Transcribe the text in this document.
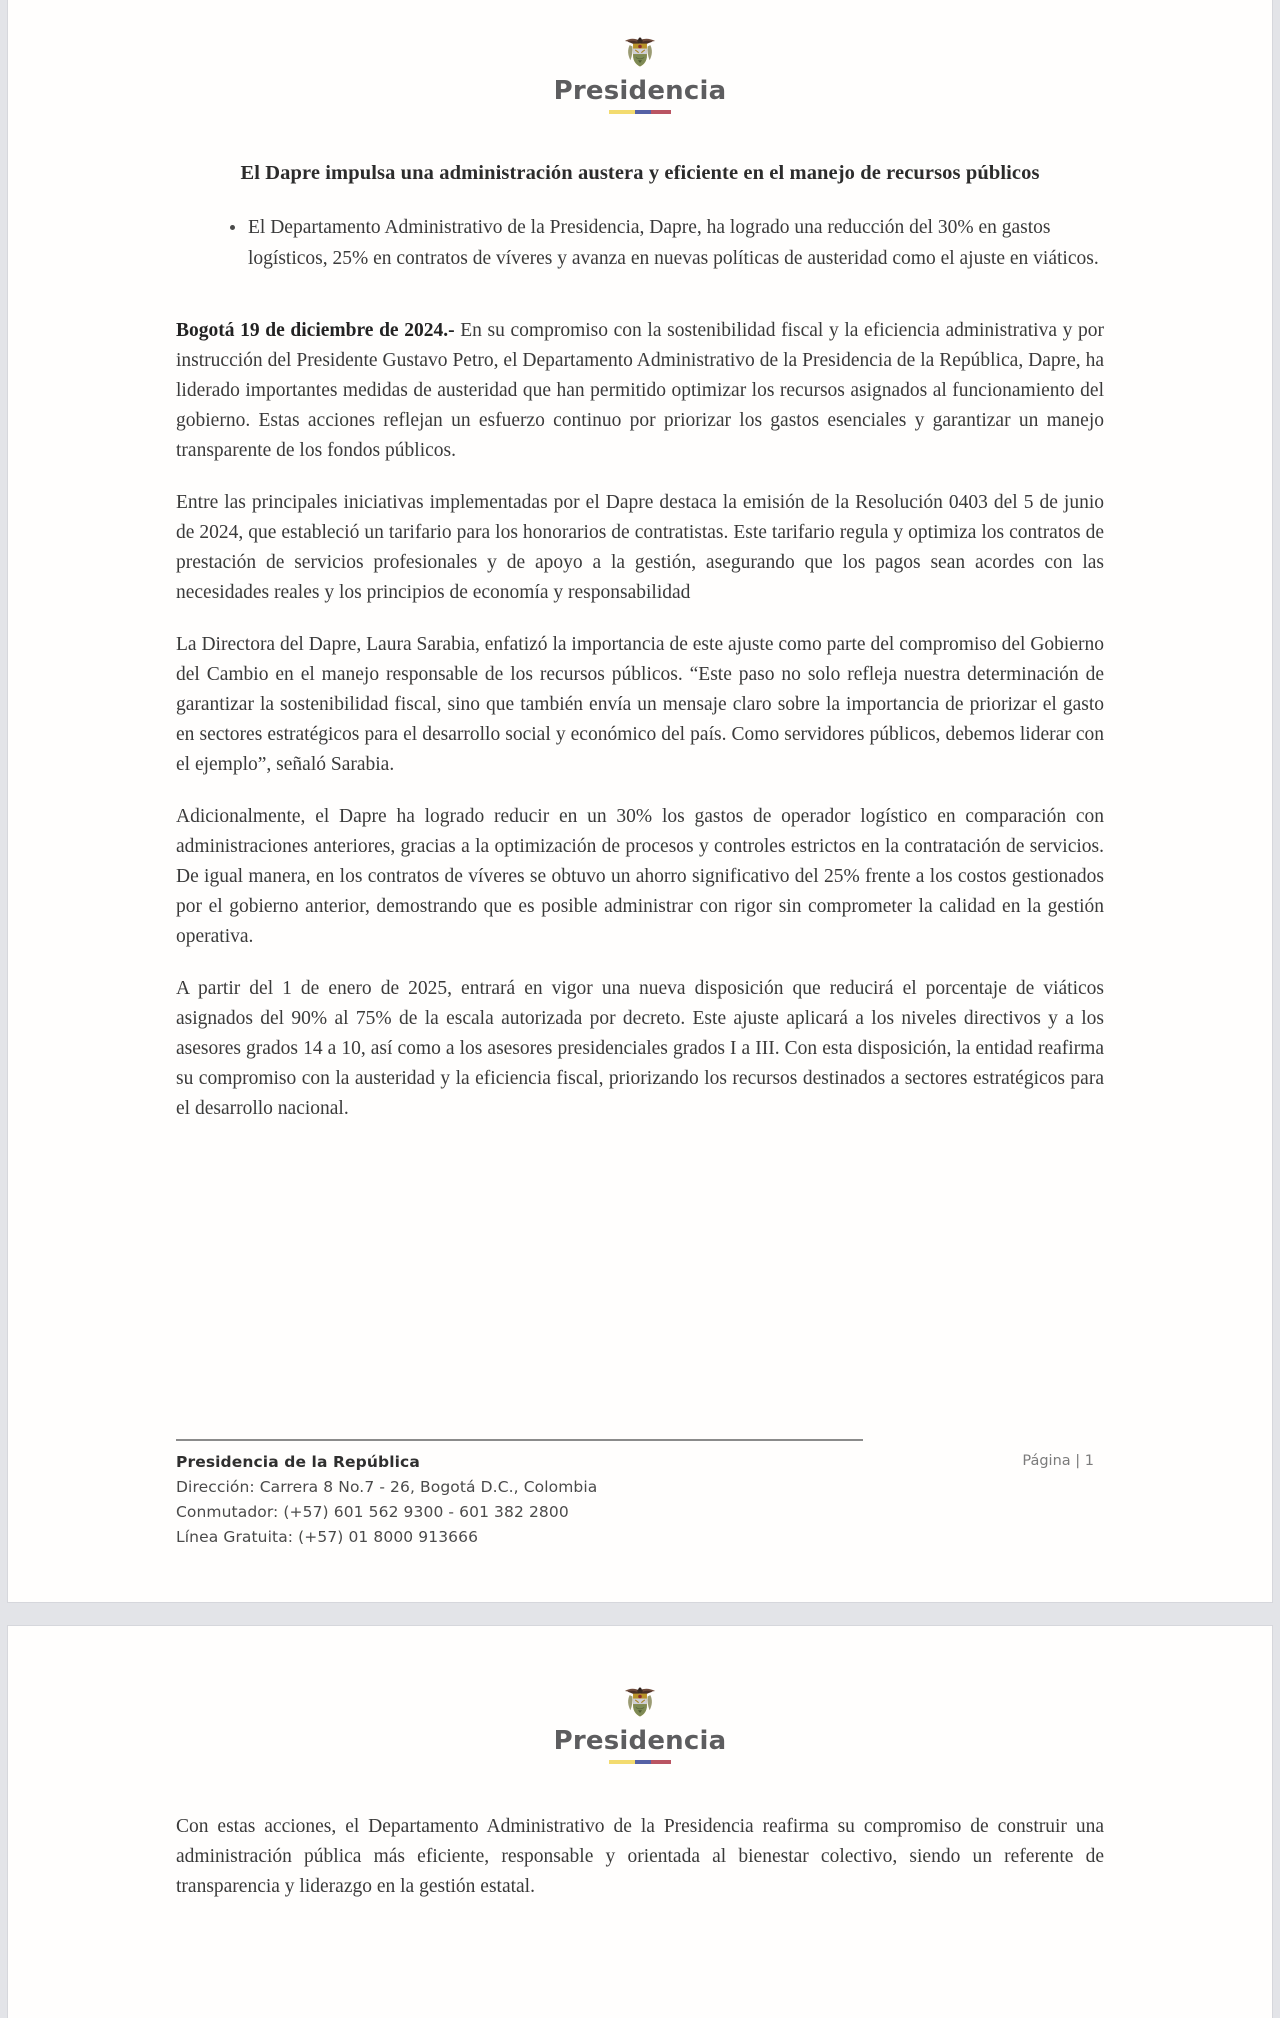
Presidencia
El Dapre impulsa una administración austera y eficiente en el manejo de recursos públicos
El Departamento Administrativo de la Presidencia, Dapre, ha logrado una reducción del 30% en gastos logísticos, 25% en contratos de víveres y avanza en nuevas políticas de austeridad como el ajuste en viáticos.

Bogotá 19 de diciembre de 2024.- En su compromiso con la sostenibilidad fiscal y la eficiencia administrativa y por instrucción del Presidente Gustavo Petro, el Departamento Administrativo de la Presidencia de la República, Dapre, ha liderado importantes medidas de austeridad que han permitido optimizar los recursos asignados al funcionamiento del gobierno. Estas acciones reflejan un esfuerzo continuo por priorizar los gastos esenciales y garantizar un manejo transparente de los fondos públicos.

Entre las principales iniciativas implementadas por el Dapre destaca la emisión de la Resolución 0403 del 5 de junio de 2024, que estableció un tarifario para los honorarios de contratistas. Este tarifario regula y optimiza los contratos de prestación de servicios profesionales y de apoyo a la gestión, asegurando que los pagos sean acordes con las necesidades reales y los principios de economía y responsabilidad

La Directora del Dapre, Laura Sarabia, enfatizó la importancia de este ajuste como parte del compromiso del Gobierno del Cambio en el manejo responsable de los recursos públicos. “Este paso no solo refleja nuestra determinación de garantizar la sostenibilidad fiscal, sino que también envía un mensaje claro sobre la importancia de priorizar el gasto en sectores estratégicos para el desarrollo social y económico del país. Como servidores públicos, debemos liderar con el ejemplo”, señaló Sarabia.

Adicionalmente, el Dapre ha logrado reducir en un 30% los gastos de operador logístico en comparación con administraciones anteriores, gracias a la optimización de procesos y controles estrictos en la contratación de servicios. De igual manera, en los contratos de víveres se obtuvo un ahorro significativo del 25% frente a los costos gestionados por el gobierno anterior, demostrando que es posible administrar con rigor sin comprometer la calidad en la gestión operativa.

A partir del 1 de enero de 2025, entrará en vigor una nueva disposición que reducirá el porcentaje de viáticos asignados del 90% al 75% de la escala autorizada por decreto. Este ajuste aplicará a los niveles directivos y a los asesores grados 14 a 10, así como a los asesores presidenciales grados I a III. Con esta disposición, la entidad reafirma su compromiso con la austeridad y la eficiencia fiscal, priorizando los recursos destinados a sectores estratégicos para el desarrollo nacional.

Presidencia de la República
Dirección: Carrera 8 No.7 - 26, Bogotá D.C., Colombia
Conmutador: (+57) 601 562 9300 - 601 382 2800
Línea Gratuita: (+57) 01 8000 913666
Página | 1
Presidencia

Con estas acciones, el Departamento Administrativo de la Presidencia reafirma su compromiso de construir una administración pública más eficiente, responsable y orientada al bienestar colectivo, siendo un referente de transparencia y liderazgo en la gestión estatal.
